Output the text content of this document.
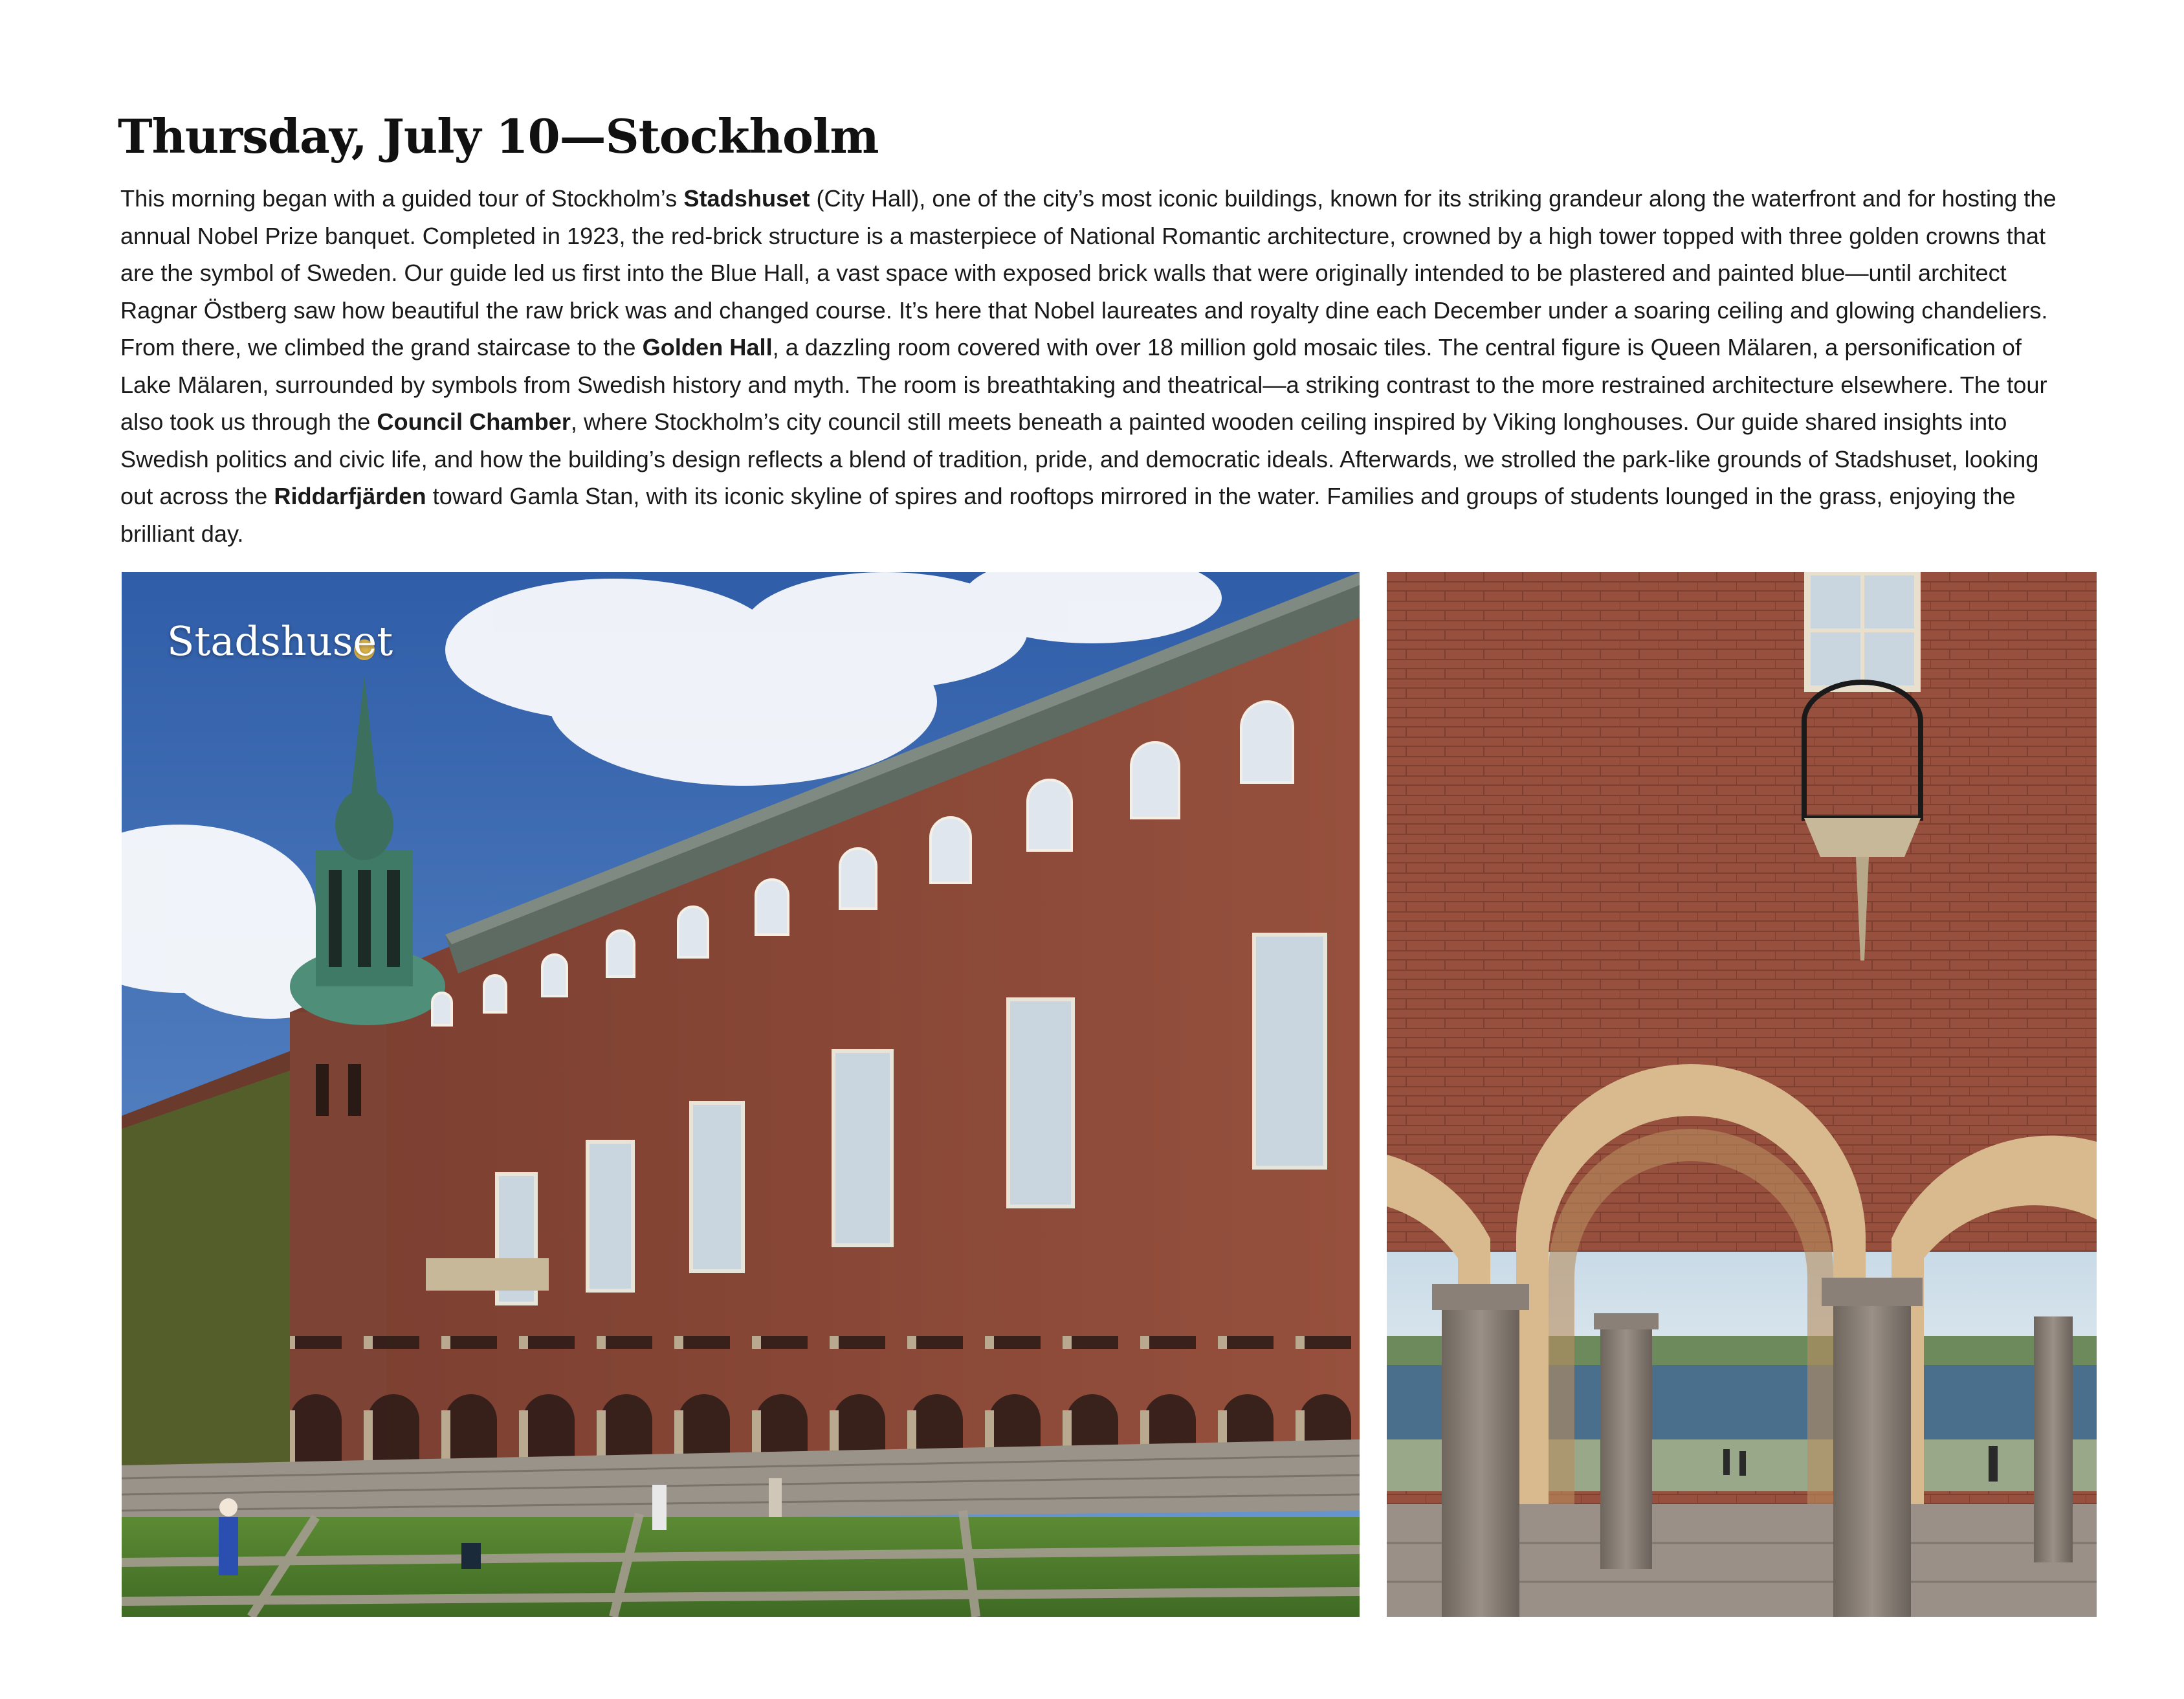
Thursday, July 10—Stockholm

This morning began with a guided tour of Stockholm’s Stadshuset (City Hall), one of the city’s most iconic buildings, known for its striking grandeur along the waterfront and for hosting the annual Nobel Prize banquet. Completed in 1923, the red-brick structure is a masterpiece of National Romantic architecture, crowned by a high tower topped with three golden crowns that are the symbol of Sweden. Our guide led us first into the Blue Hall, a vast space with exposed brick walls that were originally intended to be plastered and painted blue—until architect Ragnar Östberg saw how beautiful the raw brick was and changed course. It’s here that Nobel laureates and royalty dine each December under a soaring ceiling and glowing chandeliers. From there, we climbed the grand staircase to the Golden Hall, a dazzling room covered with over 18 million gold mosaic tiles. The central figure is Queen Mälaren, a personification of Lake Mälaren, surrounded by symbols from Swedish history and myth. The room is breathtaking and theatrical—a striking contrast to the more restrained architecture elsewhere. The tour also took us through the Council Chamber, where Stockholm’s city council still meets beneath a painted wooden ceiling inspired by Viking longhouses. Our guide shared insights into Swedish politics and civic life, and how the building’s design reflects a blend of tradition, pride, and democratic ideals. Afterwards, we strolled the park-like grounds of Stadshuset, looking out across the Riddarfjärden toward Gamla Stan, with its iconic skyline of spires and rooftops mirrored in the water. Families and groups of students lounged in the grass, enjoying the brilliant day.

Stadshuset
